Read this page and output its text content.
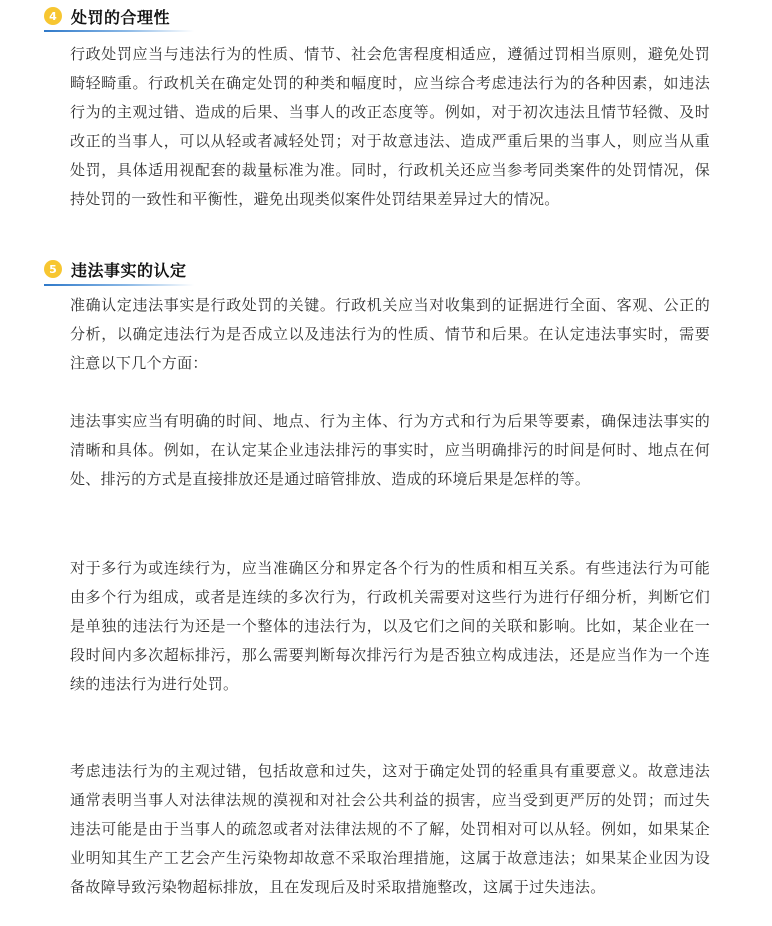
4 处罚的合理性

行政处罚应当与违法行为的性质、情节、社会危害程度相适应，遵循过罚相当原则，避免处罚畸轻畸重。行政机关在确定处罚的种类和幅度时，应当综合考虑违法行为的各种因素，如违法行为的主观过错、造成的后果、当事人的改正态度等。例如，对于初次违法且情节轻微、及时改正的当事人，可以从轻或者减轻处罚；对于故意违法、造成严重后果的当事人，则应当从重处罚，具体适用视配套的裁量标准为准。同时，行政机关还应当参考同类案件的处罚情况，保持处罚的一致性和平衡性，避免出现类似案件处罚结果差异过大的情况。

5 违法事实的认定

准确认定违法事实是行政处罚的关键。行政机关应当对收集到的证据进行全面、客观、公正的分析，以确定违法行为是否成立以及违法行为的性质、情节和后果。在认定违法事实时，需要注意以下几个方面：

违法事实应当有明确的时间、地点、行为主体、行为方式和行为后果等要素，确保违法事实的清晰和具体。例如，在认定某企业违法排污的事实时，应当明确排污的时间是何时、地点在何处、排污的方式是直接排放还是通过暗管排放、造成的环境后果是怎样的等。

对于多行为或连续行为，应当准确区分和界定各个行为的性质和相互关系。有些违法行为可能由多个行为组成，或者是连续的多次行为，行政机关需要对这些行为进行仔细分析，判断它们是单独的违法行为还是一个整体的违法行为，以及它们之间的关联和影响。比如，某企业在一段时间内多次超标排污，那么需要判断每次排污行为是否独立构成违法，还是应当作为一个连续的违法行为进行处罚。

考虑违法行为的主观过错，包括故意和过失，这对于确定处罚的轻重具有重要意义。故意违法通常表明当事人对法律法规的漠视和对社会公共利益的损害，应当受到更严厉的处罚；而过失违法可能是由于当事人的疏忽或者对法律法规的不了解，处罚相对可以从轻。例如，如果某企业明知其生产工艺会产生污染物却故意不采取治理措施，这属于故意违法；如果某企业因为设备故障导致污染物超标排放，且在发现后及时采取措施整改，这属于过失违法。
